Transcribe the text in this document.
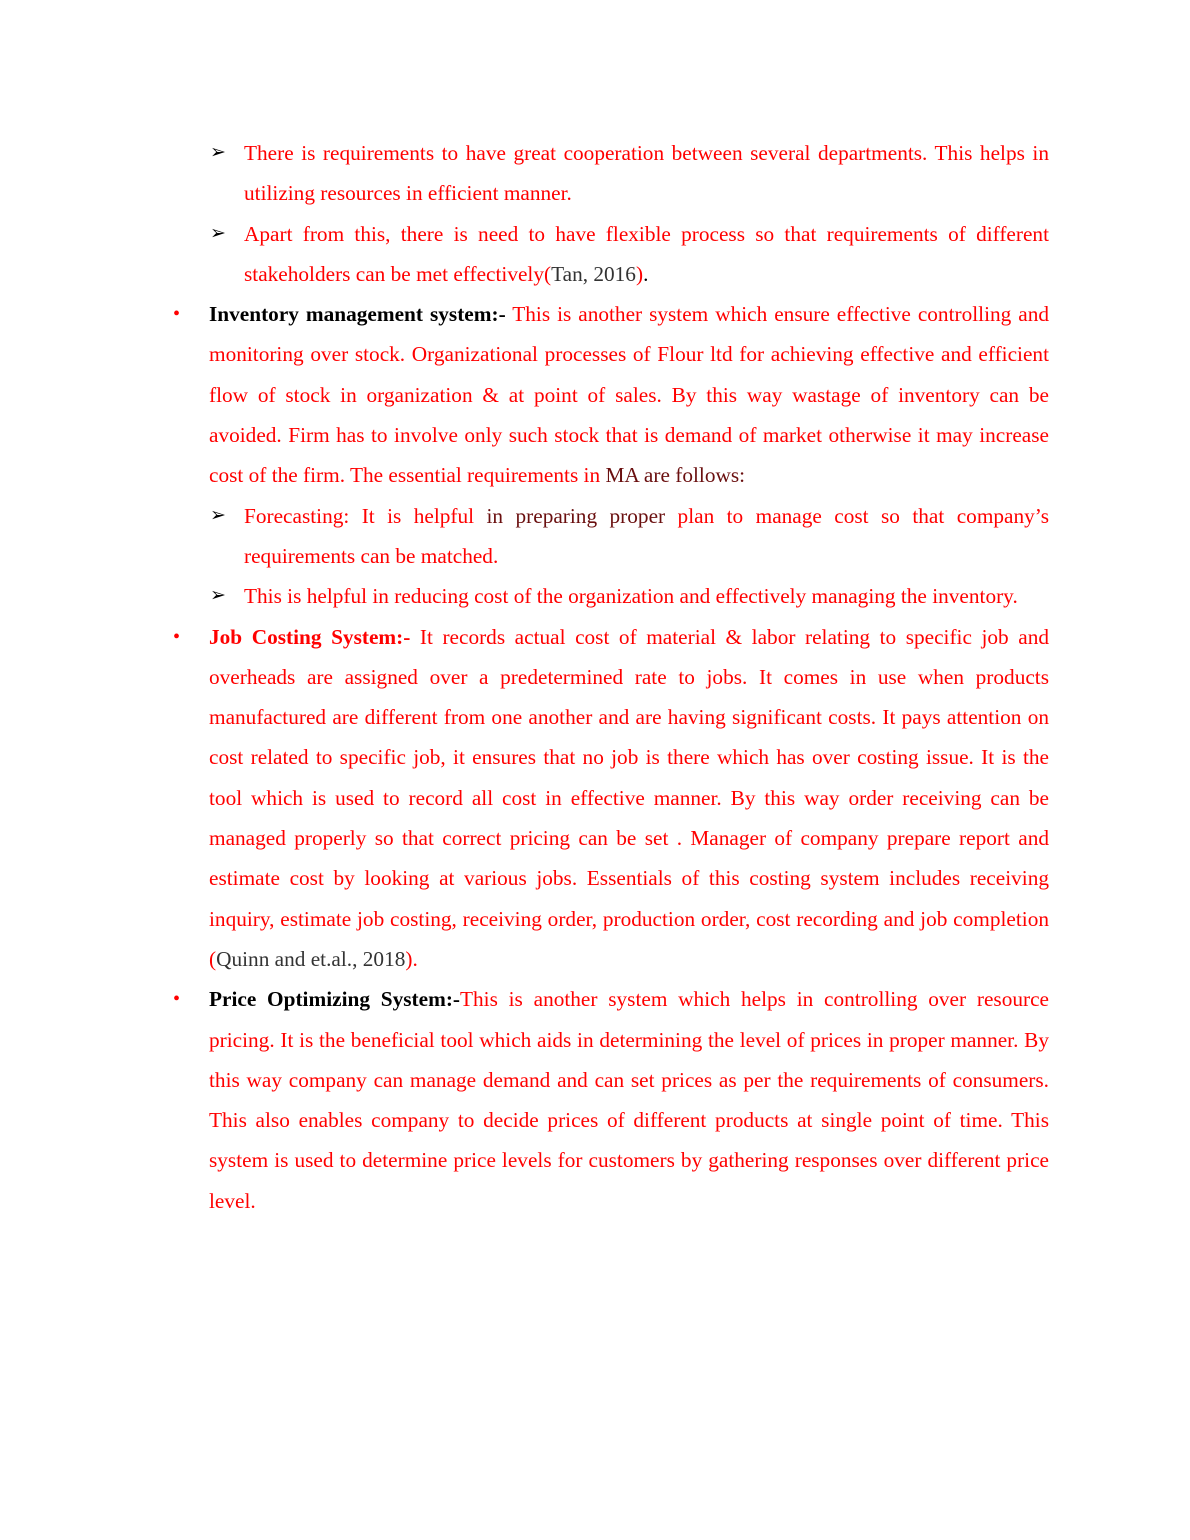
➢ There is requirements to have great cooperation between several departments. This helps in utilizing resources in efficient manner.

➢ Apart from this, there is need to have flexible process so that requirements of different stakeholders can be met effectively(Tan, 2016).

• Inventory management system:- This is another system which ensure effective controlling and monitoring over stock. Organizational processes of Flour ltd for achieving effective and efficient flow of stock in organization & at point of sales. By this way wastage of inventory can be avoided. Firm has to involve only such stock that is demand of market otherwise it may increase cost of the firm. The essential requirements in MA are follows:

➢ Forecasting: It is helpful in preparing proper plan to manage cost so that company’s requirements can be matched.

➢ This is helpful in reducing cost of the organization and effectively managing the inventory.

• Job Costing System:- It records actual cost of material & labor relating to specific job and overheads are assigned over a predetermined rate to jobs. It comes in use when products manufactured are different from one another and are having significant costs. It pays attention on cost related to specific job, it ensures that no job is there which has over costing issue. It is the tool which is used to record all cost in effective manner. By this way order receiving can be managed properly so that correct pricing can be set . Manager of company prepare report and estimate cost by looking at various jobs. Essentials of this costing system includes receiving inquiry, estimate job costing, receiving order, production order, cost recording and job completion (Quinn and et.al., 2018).

• Price Optimizing System:-This is another system which helps in controlling over resource pricing. It is the beneficial tool which aids in determining the level of prices in proper manner. By this way company can manage demand and can set prices as per the requirements of consumers. This also enables company to decide prices of different products at single point of time. This system is used to determine price levels for customers by gathering responses over different price level.
